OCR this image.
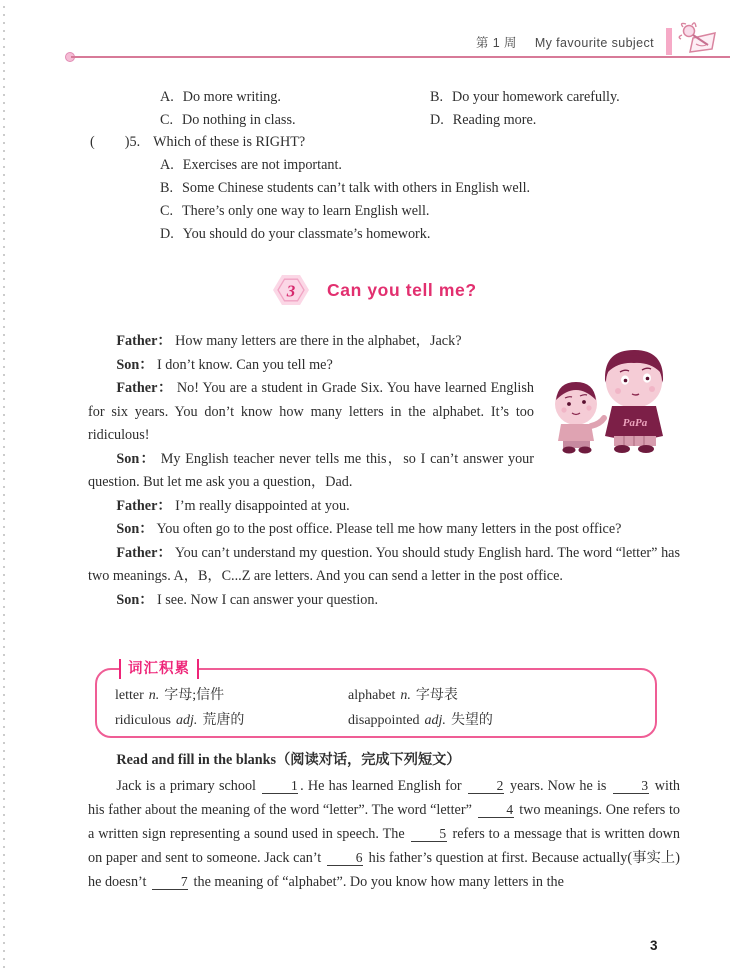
第 1 周 My favourite subject
A. Do more writing.	B. Do your homework carefully.
C. Do nothing in class.	D. Reading more.
( )5. Which of these is RIGHT?
A. Exercises are not important.
B. Some Chinese students can’t talk with others in English well.
C. There’s only one way to learn English well.
D. You should do your classmate’s homework.
3 Can you tell me?
PaPa

Father： How many letters are there in the alphabet，Jack?

Son： I don’t know. Can you tell me?

Father： No! You are a student in Grade Six. You have learned English for six years. You don’t know how many letters in the alphabet. It’s too ridiculous!

Son： My English teacher never tells me this，so I can’t answer your question. But let me ask you a question，Dad.

Father： I’m really disappointed at you.

Son： You often go to the post office. Please tell me how many letters in the post office?

Father： You can’t understand my question. You should study English hard. The word “letter” has two meanings. A，B，C...Z are letters. And you can send a letter in the post office.

Son： I see. Now I can answer your question.

词汇积累
letter n. 字母;信件	alphabet n. 字母表
ridiculous adj. 荒唐的	disappointed adj. 失望的

Read and fill in the blanks（阅读对话，完成下列短文）

Jack is a primary school 1 . He has learned English for 2 years. Now he is 3 with his father about the meaning of the word “letter”. The word “letter” 4 two meanings. One refers to a written sign representing a sound used in speech. The 5 refers to a message that is written down on paper and sent to someone. Jack can’t 6 his father’s question at first. Because actually(事实上) he doesn’t 7 the meaning of “alphabet”. Do you know how many letters in the
3
